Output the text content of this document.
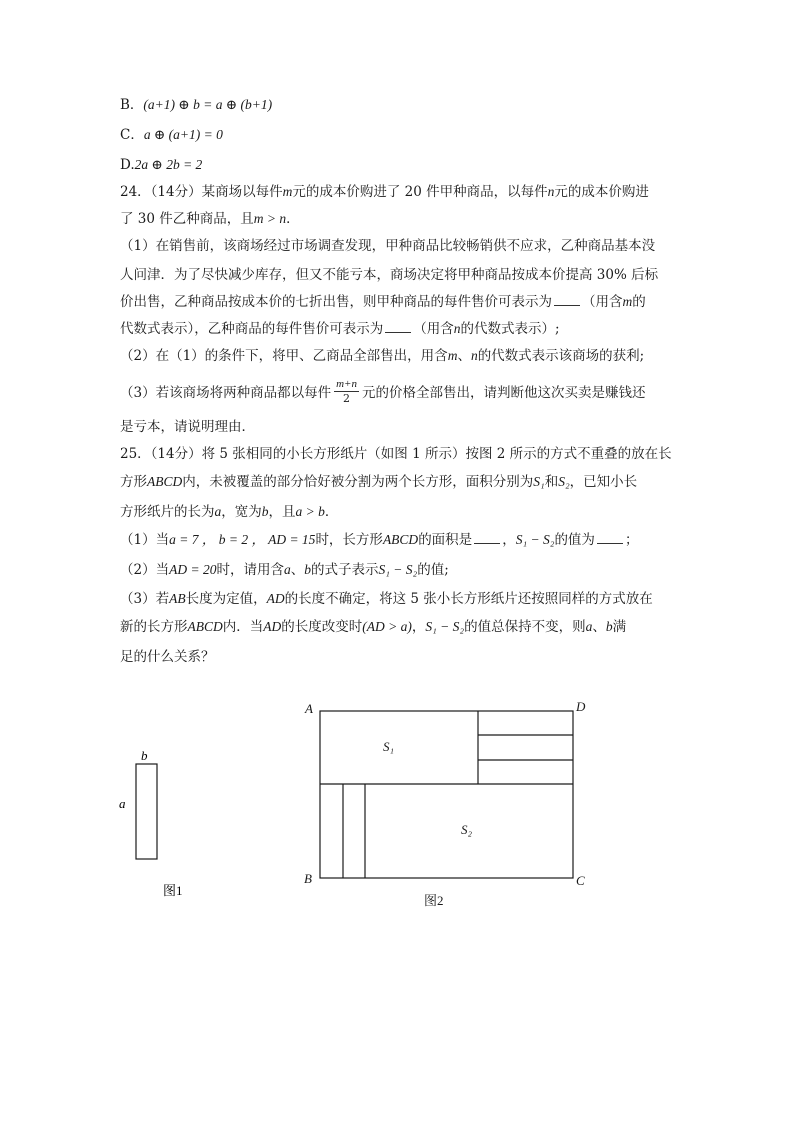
B．(a+1) ⊕ b = a ⊕ (b+1)
C．a ⊕ (a+1) = 0
D.2a ⊕ 2b = 2
24．（14分）某商场以每件m元的成本价购进了 20 件甲种商品，以每件n元的成本价购进
了 30 件乙种商品，且m > n．
（1）在销售前，该商场经过市场调查发现，甲种商品比较畅销供不应求，乙种商品基本没
人问津．为了尽快减少库存，但又不能亏本，商场决定将甲种商品按成本价提高 30% 后标
价出售，乙种商品按成本价的七折出售，则甲种商品的每件售价可表示为 （用含m的
代数式表示），乙种商品的每件售价可表示为 （用含n的代数式表示）;
（2）在（1）的条件下，将甲、乙商品全部售出，用含m、n的代数式表示该商场的获利;
（3）若该商场将两种商品都以每件 $\frac{m+n}{2}$ 元的价格全部售出，请判断他这次买卖是赚钱还
是亏本，请说明理由．
25．（14分）将 5 张相同的小长方形纸片（如图 1 所示）按图 2 所示的方式不重叠的放在长
方形ABCD内，未被覆盖的部分恰好被分割为两个长方形，面积分别为S₁和S₂，已知小长
方形纸片的长为a，宽为b，且a > b．
（1）当a = 7 ， b = 2 ， AD = 15时，长方形ABCD的面积是 ，S₁ − S₂的值为 ；
（2）当AD = 20时，请用含a、b的式子表示S₁ − S₂的值;
（3）若AB长度为定值，AD的长度不确定，将这 5 张小长方形纸片还按照同样的方式放在
新的长方形ABCD内．当AD的长度改变时(AD > a)，S₁ − S₂的值总保持不变，则a、b满
足的什么关系？
b
a
图1
A	D
B	C
S₁
S₂
图2
